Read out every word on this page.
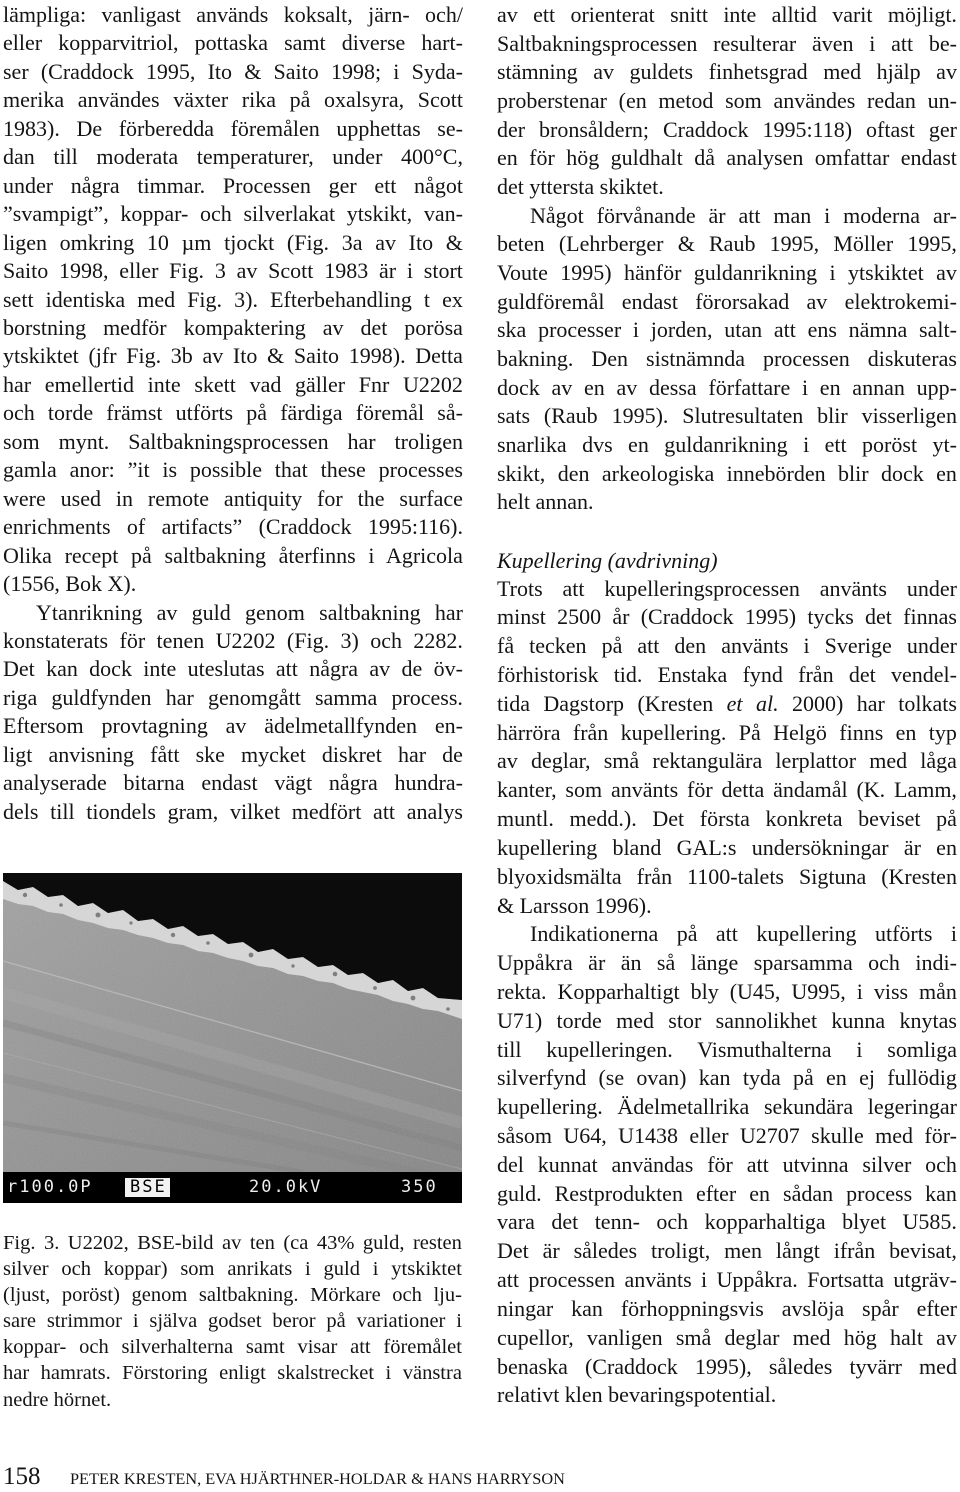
lämpliga: vanligast används koksalt, järn- och/
eller kopparvitriol, pottaska samt diverse hart-
ser (Craddock 1995, Ito & Saito 1998; i Syda-
merika användes växter rika på oxalsyra, Scott
1983). De förberedda föremålen upphettas se-
dan till moderata temperaturer, under 400°C,
under några timmar. Processen ger ett något
”svampigt”, koppar- och silverlakat ytskikt, van-
ligen omkring 10 µm tjockt (Fig. 3a av Ito &
Saito 1998, eller Fig. 3 av Scott 1983 är i stort
sett identiska med Fig. 3). Efterbehandling t ex
borstning medför kompaktering av det porösa
ytskiktet (jfr Fig. 3b av Ito & Saito 1998). Detta
har emellertid inte skett vad gäller Fnr U2202
och torde främst utförts på färdiga föremål så-
som mynt. Saltbakningsprocessen har troligen
gamla anor: ”it is possible that these processes
were used in remote antiquity for the surface
enrichments of artifacts” (Craddock 1995:116).
Olika recept på saltbakning återfinns i Agricola
(1556, Bok X).
Ytanrikning av guld genom saltbakning har
konstaterats för tenen U2202 (Fig. 3) och 2282.
Det kan dock inte uteslutas att några av de öv-
riga guldfynden har genomgått samma process.
Eftersom provtagning av ädelmetallfynden en-
ligt anvisning fått ske mycket diskret har de
analyserade bitarna endast vägt några hundra-
dels till tiondels gram, vilket medfört att analys
r100.0P BSE	20.0kV	350
Fig. 3. U2202, BSE-bild av ten (ca 43% guld, resten
silver och koppar) som anrikats i guld i ytskiktet
(ljust, poröst) genom saltbakning. Mörkare och lju-
sare strimmor i själva godset beror på variationer i
koppar- och silverhalterna samt visar att föremålet
har hamrats. Förstoring enligt skalstrecket i vänstra
nedre hörnet.
av ett orienterat snitt inte alltid varit möjligt.
Saltbakningsprocessen resulterar även i att be-
stämning av guldets finhetsgrad med hjälp av
proberstenar (en metod som användes redan un-
der bronsåldern; Craddock 1995:118) oftast ger
en för hög guldhalt då analysen omfattar endast
det yttersta skiktet.
Något förvånande är att man i moderna ar-
beten (Lehrberger & Raub 1995, Möller 1995,
Voute 1995) hänför guldanrikning i ytskiktet av
guldföremål endast förorsakad av elektrokemi-
ska processer i jorden, utan att ens nämna salt-
bakning. Den sistnämnda processen diskuteras
dock av en av dessa författare i en annan upp-
sats (Raub 1995). Slutresultaten blir visserligen
snarlika dvs en guldanrikning i ett poröst yt-
skikt, den arkeologiska innebörden blir dock en
helt annan.
Kupellering (avdrivning)
Trots att kupelleringsprocessen använts under
minst 2500 år (Craddock 1995) tycks det finnas
få tecken på att den använts i Sverige under
förhistorisk tid. Enstaka fynd från det vendel-
tida Dagstorp (Kresten et al. 2000) har tolkats
härröra från kupellering. På Helgö finns en typ
av deglar, små rektangulära lerplattor med låga
kanter, som använts för detta ändamål (K. Lamm,
muntl. medd.). Det första konkreta beviset på
kupellering bland GAL:s undersökningar är en
blyoxidsmälta från 1100-talets Sigtuna (Kresten
& Larsson 1996).
Indikationerna på att kupellering utförts i
Uppåkra är än så länge sparsamma och indi-
rekta. Kopparhaltigt bly (U45, U995, i viss mån
U71) torde med stor sannolikhet kunna knytas
till kupelleringen. Vismuthalterna i somliga
silverfynd (se ovan) kan tyda på en ej fullödig
kupellering. Ädelmetallrika sekundära legeringar
såsom U64, U1438 eller U2707 skulle med för-
del kunnat användas för att utvinna silver och
guld. Restprodukten efter en sådan process kan
vara det tenn- och kopparhaltiga blyet U585.
Det är således troligt, men långt ifrån bevisat,
att processen använts i Uppåkra. Fortsatta utgräv-
ningar kan förhoppningsvis avslöja spår efter
cupellor, vanligen små deglar med hög halt av
benaska (Craddock 1995), således tyvärr med
relativt klen bevaringspotential.
158	PETER KRESTEN, EVA HJÄRTHNER-HOLDAR & HANS HARRYSON
